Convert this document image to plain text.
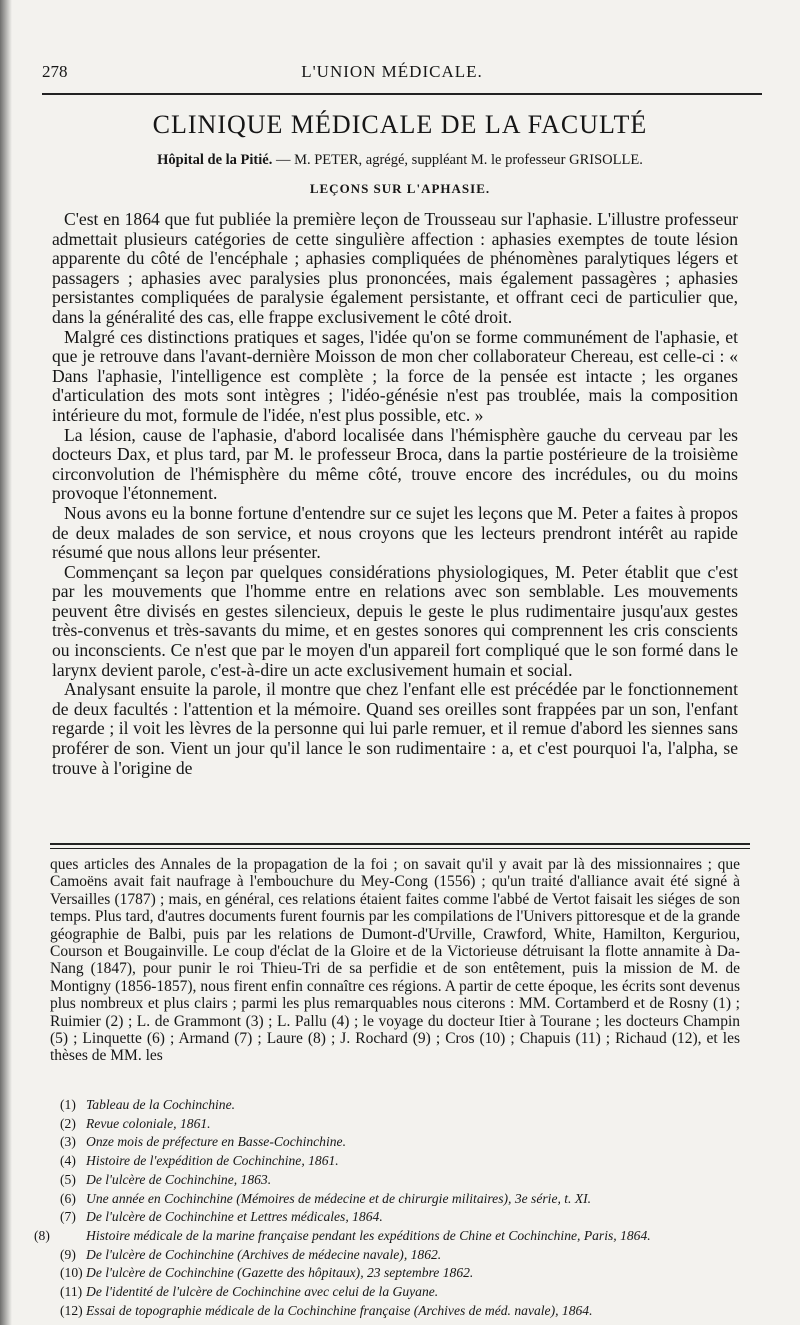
278	L'UNION MÉDICALE.
CLINIQUE MÉDICALE DE LA FACULTÉ
Hôpital de la Pitié. — M. PETER, agrégé, suppléant M. le professeur GRISOLLE.
LEÇONS SUR L'APHASIE.

C'est en 1864 que fut publiée la première leçon de Trousseau sur l'aphasie. L'illustre professeur admettait plusieurs catégories de cette singulière affection : aphasies exemptes de toute lésion apparente du côté de l'encéphale ; aphasies compliquées de phénomènes paralytiques légers et passagers ; aphasies avec paralysies plus prononcées, mais également passagères ; aphasies persistantes compliquées de paralysie également persistante, et offrant ceci de particulier que, dans la généralité des cas, elle frappe exclusivement le côté droit.

Malgré ces distinctions pratiques et sages, l'idée qu'on se forme communément de l'aphasie, et que je retrouve dans l'avant-dernière Moisson de mon cher collaborateur Chereau, est celle-ci : « Dans l'aphasie, l'intelligence est complète ; la force de la pensée est intacte ; les organes d'articulation des mots sont intègres ; l'idéo-génésie n'est pas troublée, mais la composition intérieure du mot, formule de l'idée, n'est plus possible, etc. »

La lésion, cause de l'aphasie, d'abord localisée dans l'hémisphère gauche du cerveau par les docteurs Dax, et plus tard, par M. le professeur Broca, dans la partie postérieure de la troisième circonvolution de l'hémisphère du même côté, trouve encore des incrédules, ou du moins provoque l'étonnement.

Nous avons eu la bonne fortune d'entendre sur ce sujet les leçons que M. Peter a faites à propos de deux malades de son service, et nous croyons que les lecteurs prendront intérêt au rapide résumé que nous allons leur présenter.

Commençant sa leçon par quelques considérations physiologiques, M. Peter établit que c'est par les mouvements que l'homme entre en relations avec son semblable. Les mouvements peuvent être divisés en gestes silencieux, depuis le geste le plus rudimentaire jusqu'aux gestes très-convenus et très-savants du mime, et en gestes sonores qui comprennent les cris conscients ou inconscients. Ce n'est que par le moyen d'un appareil fort compliqué que le son formé dans le larynx devient parole, c'est-à-dire un acte exclusivement humain et social.

Analysant ensuite la parole, il montre que chez l'enfant elle est précédée par le fonctionnement de deux facultés : l'attention et la mémoire. Quand ses oreilles sont frappées par un son, l'enfant regarde ; il voit les lèvres de la personne qui lui parle remuer, et il remue d'abord les siennes sans proférer de son. Vient un jour qu'il lance le son rudimentaire : a, et c'est pourquoi l'a, l'alpha, se trouve à l'origine de

ques articles des Annales de la propagation de la foi ; on savait qu'il y avait par là des missionnaires ; que Camoëns avait fait naufrage à l'embouchure du Mey-Cong (1556) ; qu'un traité d'alliance avait été signé à Versailles (1787) ; mais, en général, ces relations étaient faites comme l'abbé de Vertot faisait les siéges de son temps. Plus tard, d'autres documents furent fournis par les compilations de l'Univers pittoresque et de la grande géographie de Balbi, puis par les relations de Dumont-d'Urville, Crawford, White, Hamilton, Kerguriou, Courson et Bougainville. Le coup d'éclat de la Gloire et de la Victorieuse détruisant la flotte annamite à Da-Nang (1847), pour punir le roi Thieu-Tri de sa perfidie et de son entêtement, puis la mission de M. de Montigny (1856-1857), nous firent enfin connaître ces régions. A partir de cette époque, les écrits sont devenus plus nombreux et plus clairs ; parmi les plus remarquables nous citerons : MM. Cortamberd et de Rosny (1) ; Ruimier (2) ; L. de Grammont (3) ; L. Pallu (4) ; le voyage du docteur Itier à Tourane ; les docteurs Champin (5) ; Linquette (6) ; Armand (7) ; Laure (8) ; J. Rochard (9) ; Cros (10) ; Chapuis (11) ; Richaud (12), et les thèses de MM. les

(1) Tableau de la Cochinchine.
(2) Revue coloniale, 1861.
(3) Onze mois de préfecture en Basse-Cochinchine.
(4) Histoire de l'expédition de Cochinchine, 1861.
(5) De l'ulcère de Cochinchine, 1863.
(6) Une année en Cochinchine (Mémoires de médecine et de chirurgie militaires), 3e série, t. XI.
(7) De l'ulcère de Cochinchine et Lettres médicales, 1864.
(8)	Histoire médicale de la marine française pendant les expéditions de Chine et Cochinchine, Paris, 1864.
(9) De l'ulcère de Cochinchine (Archives de médecine navale), 1862.
(10) De l'ulcère de Cochinchine (Gazette des hôpitaux), 23 septembre 1862.
(11) De l'identité de l'ulcère de Cochinchine avec celui de la Guyane.
(12) Essai de topographie médicale de la Cochinchine française (Archives de méd. navale), 1864.
